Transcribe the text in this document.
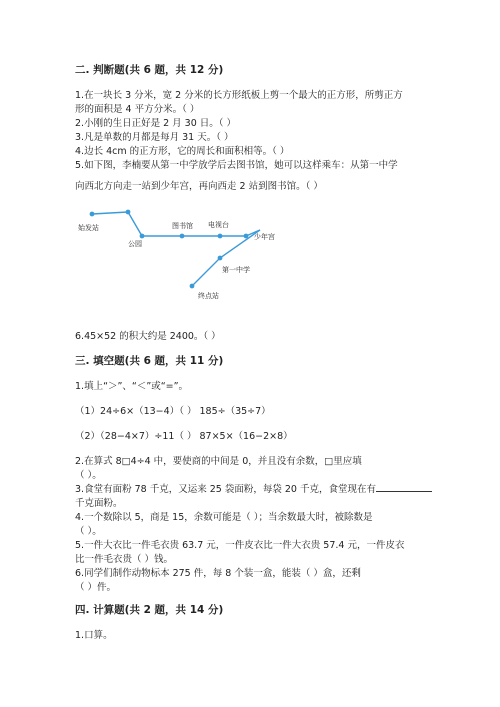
二. 判断题(共 6 题，共 12 分)
1.在一块长 3 分米，宽 2 分米的长方形纸板上剪一个最大的正方形，所剪正方
形的面积是 4 平方分米。（ ）
2.小刚的生日正好是 2 月 30 日。（ ）
3.凡是单数的月都是每月 31 天。（ ）
4.边长 4cm 的正方形，它的周长和面积相等。（ ）
5.如下图，李楠要从第一中学放学后去图书馆，她可以这样乘车：从第一中学
向西北方向走一站到少年宫，再向西走 2 站到图书馆。（ ）
始发站
公园
图书馆 电视台
少年宫
第一中学
终点站
6.45×52 的积大约是 2400。（ ）
三. 填空题(共 6 题，共 11 分)
1.填上“＞”、“＜”或“=”。
（1）24÷6×（13−4）（ ） 185÷（35÷7）
（2）（28−4×7）÷11（ ） 87×5×（16−2×8）
2.在算式 8□4÷4 中，要使商的中间是 0，并且没有余数，□里应填
（ ）。
3.食堂有面粉 78 千克，又运来 25 袋面粉，每袋 20 千克，食堂现在有
千克面粉。
4.一个数除以 5，商是 15，余数可能是（ ）；当余数最大时，被除数是
（ ）。
5.一件大衣比一件毛衣贵 63.7 元，一件皮衣比一件大衣贵 57.4 元，一件皮衣
比一件毛衣贵（ ）钱。
6.同学们制作动物标本 275 件，每 8 个装一盒，能装（ ）盒，还剩
（ ）件。
四. 计算题(共 2 题，共 14 分)
1.口算。
